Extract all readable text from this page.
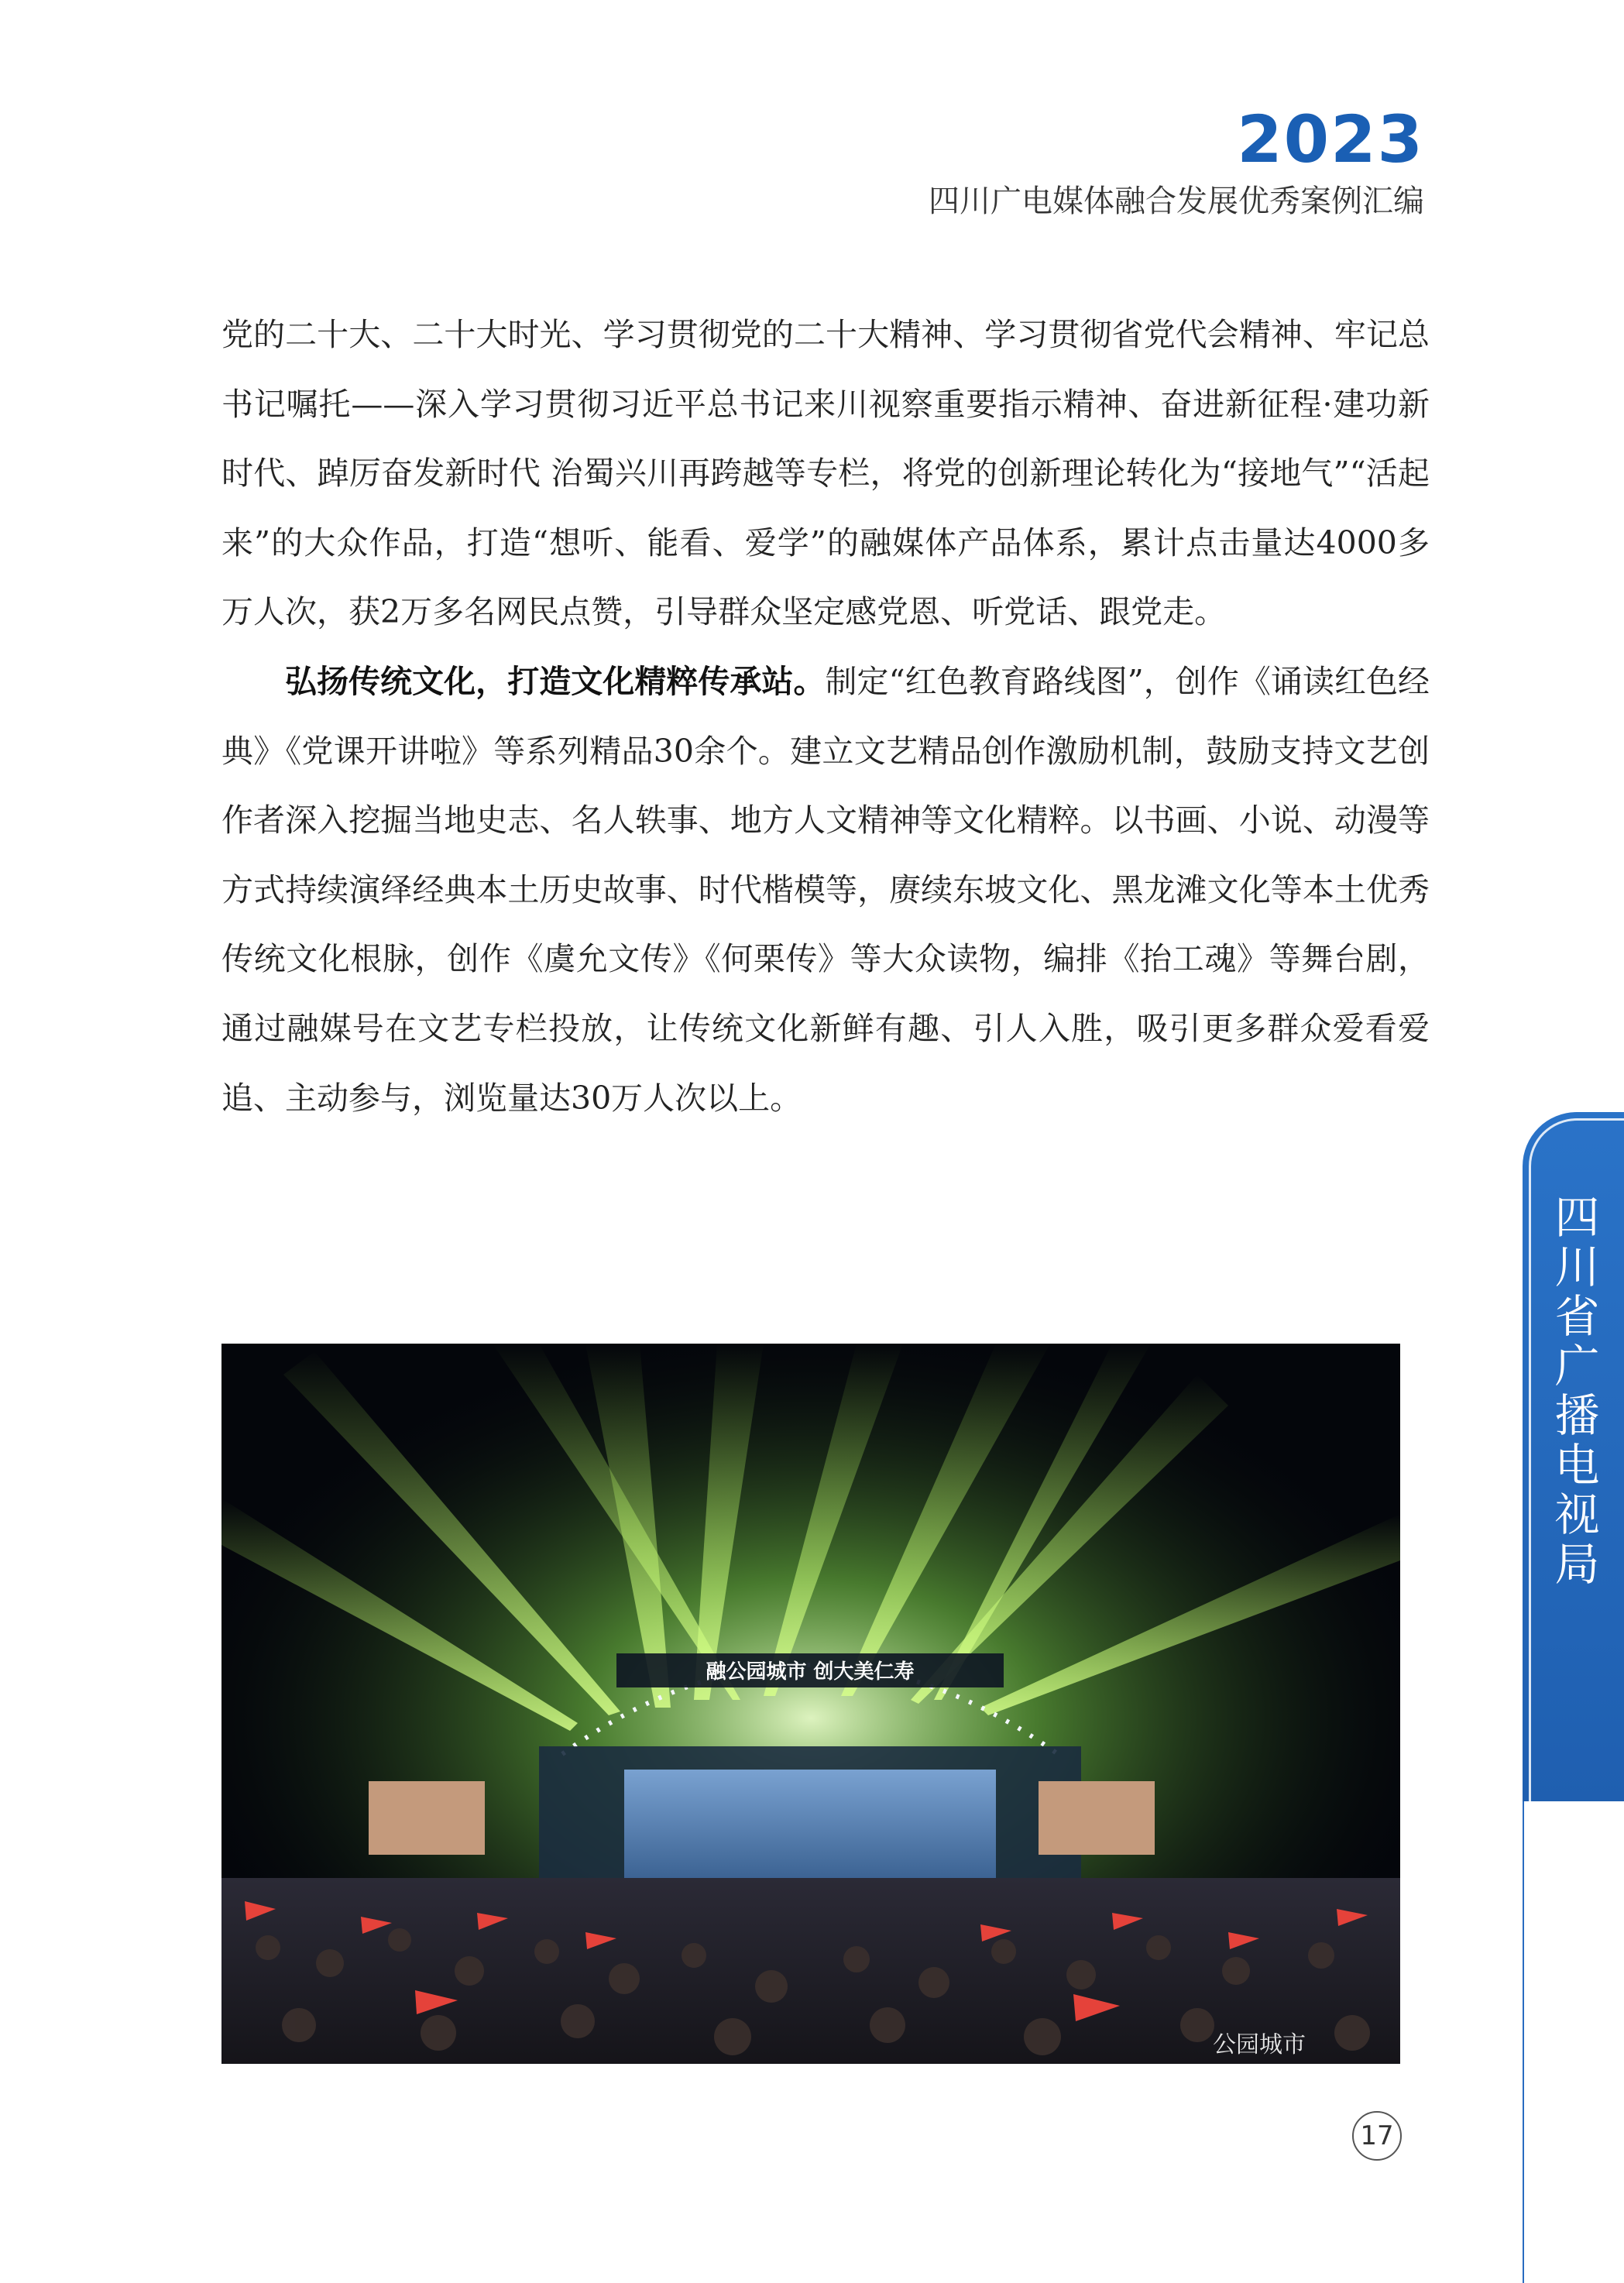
2023
四川广电媒体融合发展优秀案例汇编

党的二十大、二十大时光、学习贯彻党的二十大精神、学习贯彻省党代会精神、牢记总书记嘱托——深入学习贯彻习近平总书记来川视察重要指示精神、奋进新征程·建功新时代、踔厉奋发新时代 治蜀兴川再跨越等专栏，将党的创新理论转化为“接地气”“活起来”的大众作品，打造“想听、能看、爱学”的融媒体产品体系，累计点击量达4000多万人次，获2万多名网民点赞，引导群众坚定感党恩、听党话、跟党走。

弘扬传统文化，打造文化精粹传承站。制定“红色教育路线图”，创作《诵读红色经典》《党课开讲啦》等系列精品30余个。建立文艺精品创作激励机制，鼓励支持文艺创作者深入挖掘当地史志、名人轶事、地方人文精神等文化精粹。以书画、小说、动漫等方式持续演绎经典本土历史故事、时代楷模等，赓续东坡文化、黑龙滩文化等本土优秀传统文化根脉，创作《虞允文传》《何栗传》等大众读物，编排《抬工魂》等舞台剧，通过融媒号在文艺专栏投放，让传统文化新鲜有趣、引人入胜，吸引更多群众爱看爱追、主动参与，浏览量达30万人次以上。

融公园城市 创大美仁寿
公园城市
17
四川省广播电视局
